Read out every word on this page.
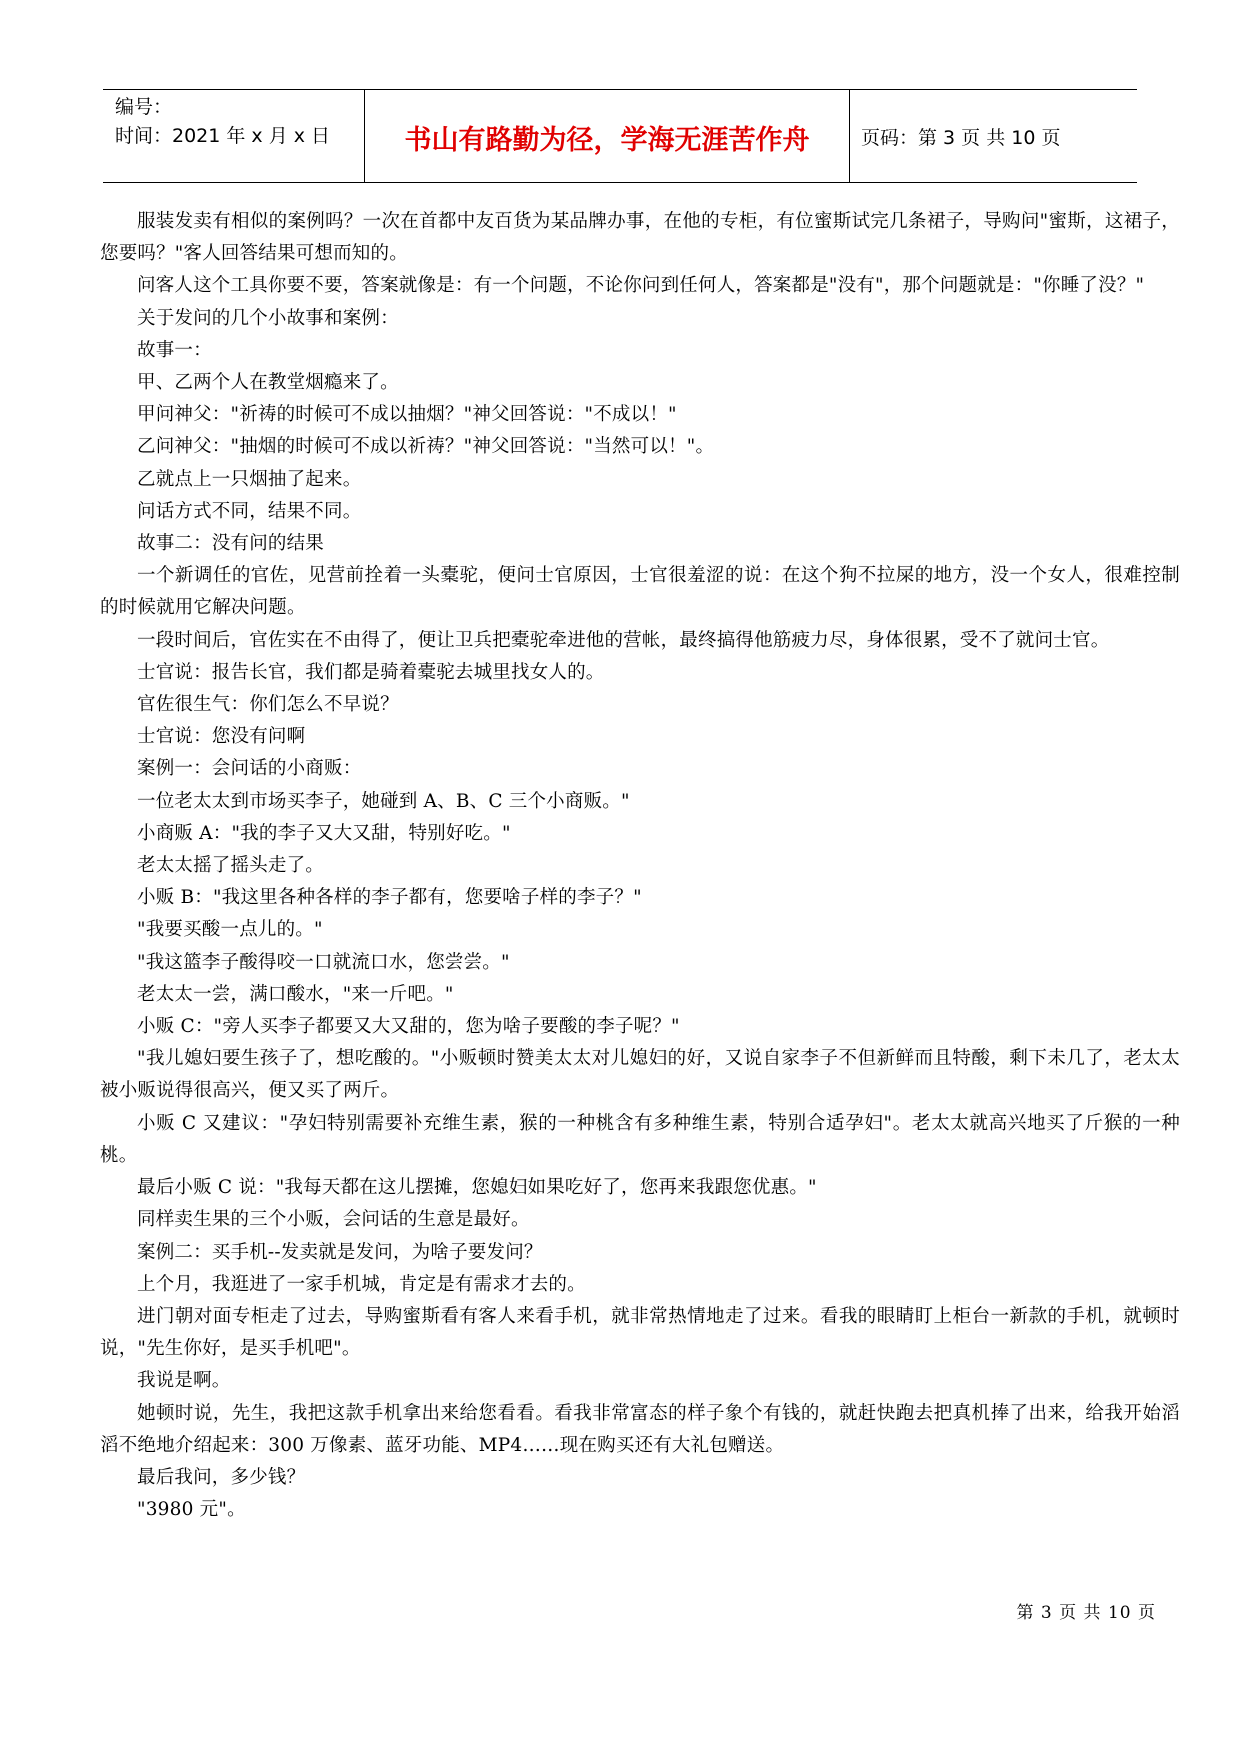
编号：
时间：2021 年 x 月 x 日	书山有路勤为径，学海无涯苦作舟	页码：第 3 页 共 10 页

服装发卖有相似的案例吗？一次在首都中友百货为某品牌办事，在他的专柜，有位蜜斯试完几条裙子，导购问"蜜斯，这裙子，您要吗？"客人回答结果可想而知的。

问客人这个工具你要不要，答案就像是：有一个问题，不论你问到任何人，答案都是"没有"，那个问题就是："你睡了没？"

关于发问的几个小故事和案例：

故事一：

甲、乙两个人在教堂烟瘾来了。

甲问神父："祈祷的时候可不成以抽烟？"神父回答说："不成以！"

乙问神父："抽烟的时候可不成以祈祷？"神父回答说："当然可以！"。

乙就点上一只烟抽了起来。

问话方式不同，结果不同。

故事二：没有问的结果

一个新调任的官佐，见营前拴着一头橐驼，便问士官原因，士官很羞涩的说：在这个狗不拉屎的地方，没一个女人，很难控制的时候就用它解决问题。

一段时间后，官佐实在不由得了，便让卫兵把橐驼牵进他的营帐，最终搞得他筋疲力尽，身体很累，受不了就问士官。

士官说：报告长官，我们都是骑着橐驼去城里找女人的。

官佐很生气：你们怎么不早说？

士官说：您没有问啊

案例一：会问话的小商贩：

一位老太太到市场买李子，她碰到 A、B、C 三个小商贩。"

小商贩 A："我的李子又大又甜，特别好吃。"

老太太摇了摇头走了。

小贩 B："我这里各种各样的李子都有，您要啥子样的李子？"

"我要买酸一点儿的。"

"我这篮李子酸得咬一口就流口水，您尝尝。"

老太太一尝，满口酸水，"来一斤吧。"

小贩 C："旁人买李子都要又大又甜的，您为啥子要酸的李子呢？"

"我儿媳妇要生孩子了，想吃酸的。"小贩顿时赞美太太对儿媳妇的好，又说自家李子不但新鲜而且特酸，剩下未几了，老太太被小贩说得很高兴，便又买了两斤。

小贩 C 又建议："孕妇特别需要补充维生素，猴的一种桃含有多种维生素，特别合适孕妇"。老太太就高兴地买了斤猴的一种桃。

最后小贩 C 说："我每天都在这儿摆摊，您媳妇如果吃好了，您再来我跟您优惠。"

同样卖生果的三个小贩，会问话的生意是最好。

案例二：买手机--发卖就是发问，为啥子要发问？

上个月，我逛进了一家手机城，肯定是有需求才去的。

进门朝对面专柜走了过去，导购蜜斯看有客人来看手机，就非常热情地走了过来。看我的眼睛盯上柜台一新款的手机，就顿时说，"先生你好，是买手机吧"。

我说是啊。

她顿时说，先生，我把这款手机拿出来给您看看。看我非常富态的样子象个有钱的，就赶快跑去把真机捧了出来，给我开始滔滔不绝地介绍起来：300 万像素、蓝牙功能、MP4……现在购买还有大礼包赠送。

最后我问，多少钱？

"3980 元"。

第 3 页 共 10 页
